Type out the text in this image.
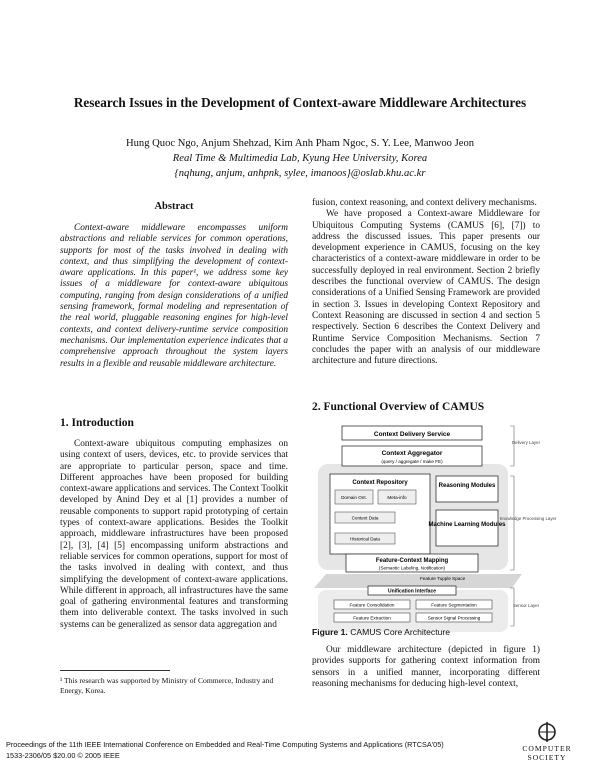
Research Issues in the Development of Context-aware Middleware Architectures
Hung Quoc Ngo, Anjum Shehzad, Kim Anh Pham Ngoc, S. Y. Lee, Manwoo Jeon
Real Time & Multimedia Lab, Kyung Hee University, Korea
{nqhung, anjum, anhpnk, sylee, imanoos}@oslab.khu.ac.kr
Abstract
Context-aware middleware encompasses uniform abstractions and reliable services for common operations, supports for most of the tasks involved in dealing with context, and thus simplifying the development of context-aware applications. In this paper¹, we address some key issues of a middleware for context-aware ubiquitous computing, ranging from design considerations of a unified sensing framework, formal modeling and representation of the real world, pluggable reasoning engines for high-level contexts, and context delivery-runtime service composition mechanisms. Our implementation experience indicates that a comprehensive approach throughout the system layers results in a flexible and reusable middleware architecture.
1. Introduction
Context-aware ubiquitous computing emphasizes on using context of users, devices, etc. to provide services that are appropriate to particular person, space and time. Different approaches have been proposed for building context-aware applications and services. The Context Toolkit developed by Anind Dey et al [1] provides a number of reusable components to support rapid prototyping of certain types of context-aware applications. Besides the Toolkit approach, middleware infrastructures have been proposed [2], [3], [4] [5] encompassing uniform abstractions and reliable services for common operations, support for most of the tasks involved in dealing with context, and thus simplifying the development of context-aware applications. While different in approach, all infrastructures have the same goal of gathering environmental features and transforming them into deliverable context. The tasks involved in such systems can be generalized as sensor data aggregation and
¹ This research was supported by Ministry of Commerce, Industry and Energy, Korea.

fusion, context reasoning, and context delivery mechanisms.

We have proposed a Context-aware Middleware for Ubiquitous Computing Systems (CAMUS [6], [7]) to address the discussed issues. This paper presents our development experience in CAMUS, focusing on the key characteristics of a context-aware middleware in order to be successfully deployed in real environment. Section 2 briefly describes the functional overview of CAMUS. The design considerations of a Unified Sensing Framework are provided in section 3. Issues in developing Context Repository and Context Reasoning are discussed in section 4 and section 5 respectively. Section 6 describes the Context Delivery and Runtime Service Composition Mechanisms. Section 7 concludes the paper with an analysis of our middleware architecture and future directions.

2. Functional Overview of CAMUS
Context Delivery Service
Context Aggregator
(query / aggregate / make FE)
Context Repository
Domain Ont.	Meta-info
Context Data
Historical Data
Reasoning Modules
Machine Learning Modules
Feature-Context Mapping
(Semantic Labeling, Notification)
Feature Tupple Space
Unification Interface
Feature Consolidation	Feature Segmentation
Feature Extraction	Sensor Signal Processing
Delivery Layer
Knowledge Processing Layer
Sensor Layer
Figure 1. CAMUS Core Architecture
Our middleware architecture (depicted in figure 1) provides supports for gathering context information from sensors in a unified manner, incorporating different reasoning mechanisms for deducing high-level context,
Proceedings of the 11th IEEE International Conference on Embedded and Real-Time Computing Systems and Applications (RTCSA'05)
1533-2306/05 $20.00 © 2005 IEEE
COMPUTER
SOCIETY
